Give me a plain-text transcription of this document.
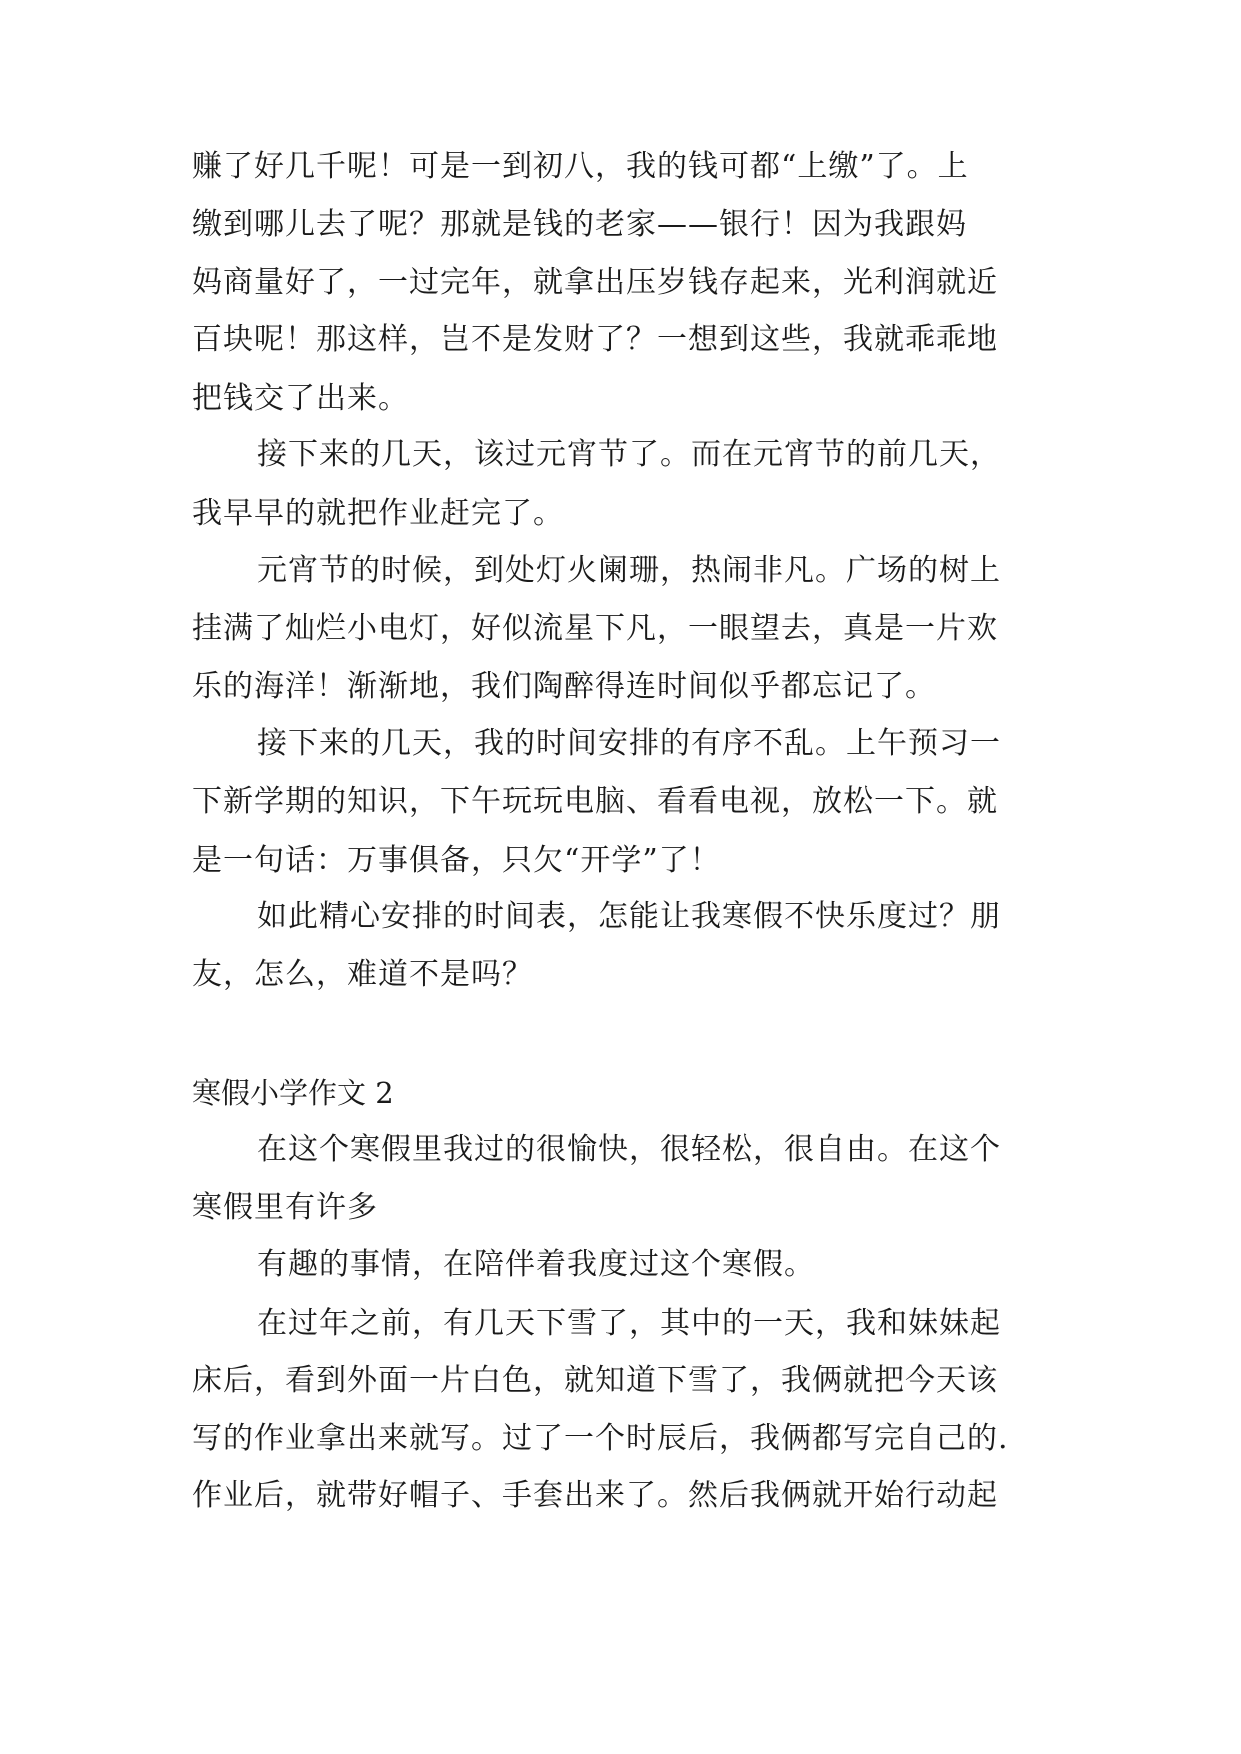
赚了好几千呢！可是一到初八，我的钱可都“上缴”了。上
缴到哪儿去了呢？那就是钱的老家——银行！因为我跟妈
妈商量好了，一过完年，就拿出压岁钱存起来，光利润就近
百块呢！那这样，岂不是发财了？一想到这些，我就乖乖地
把钱交了出来。
接下来的几天，该过元宵节了。而在元宵节的前几天，
我早早的就把作业赶完了。
元宵节的时候，到处灯火阑珊，热闹非凡。广场的树上
挂满了灿烂小电灯，好似流星下凡，一眼望去，真是一片欢
乐的海洋！渐渐地，我们陶醉得连时间似乎都忘记了。
接下来的几天，我的时间安排的有序不乱。上午预习一
下新学期的知识，下午玩玩电脑、看看电视，放松一下。就
是一句话：万事俱备，只欠“开学”了！
如此精心安排的时间表，怎能让我寒假不快乐度过？朋
友，怎么，难道不是吗？
寒假小学作文 2
在这个寒假里我过的很愉快，很轻松，很自由。在这个
寒假里有许多
有趣的事情，在陪伴着我度过这个寒假。
在过年之前，有几天下雪了，其中的一天，我和妹妹起
床后，看到外面一片白色，就知道下雪了，我俩就把今天该
写的作业拿出来就写。过了一个时辰后，我俩都写完自己的.
作业后，就带好帽子、手套出来了。然后我俩就开始行动起
